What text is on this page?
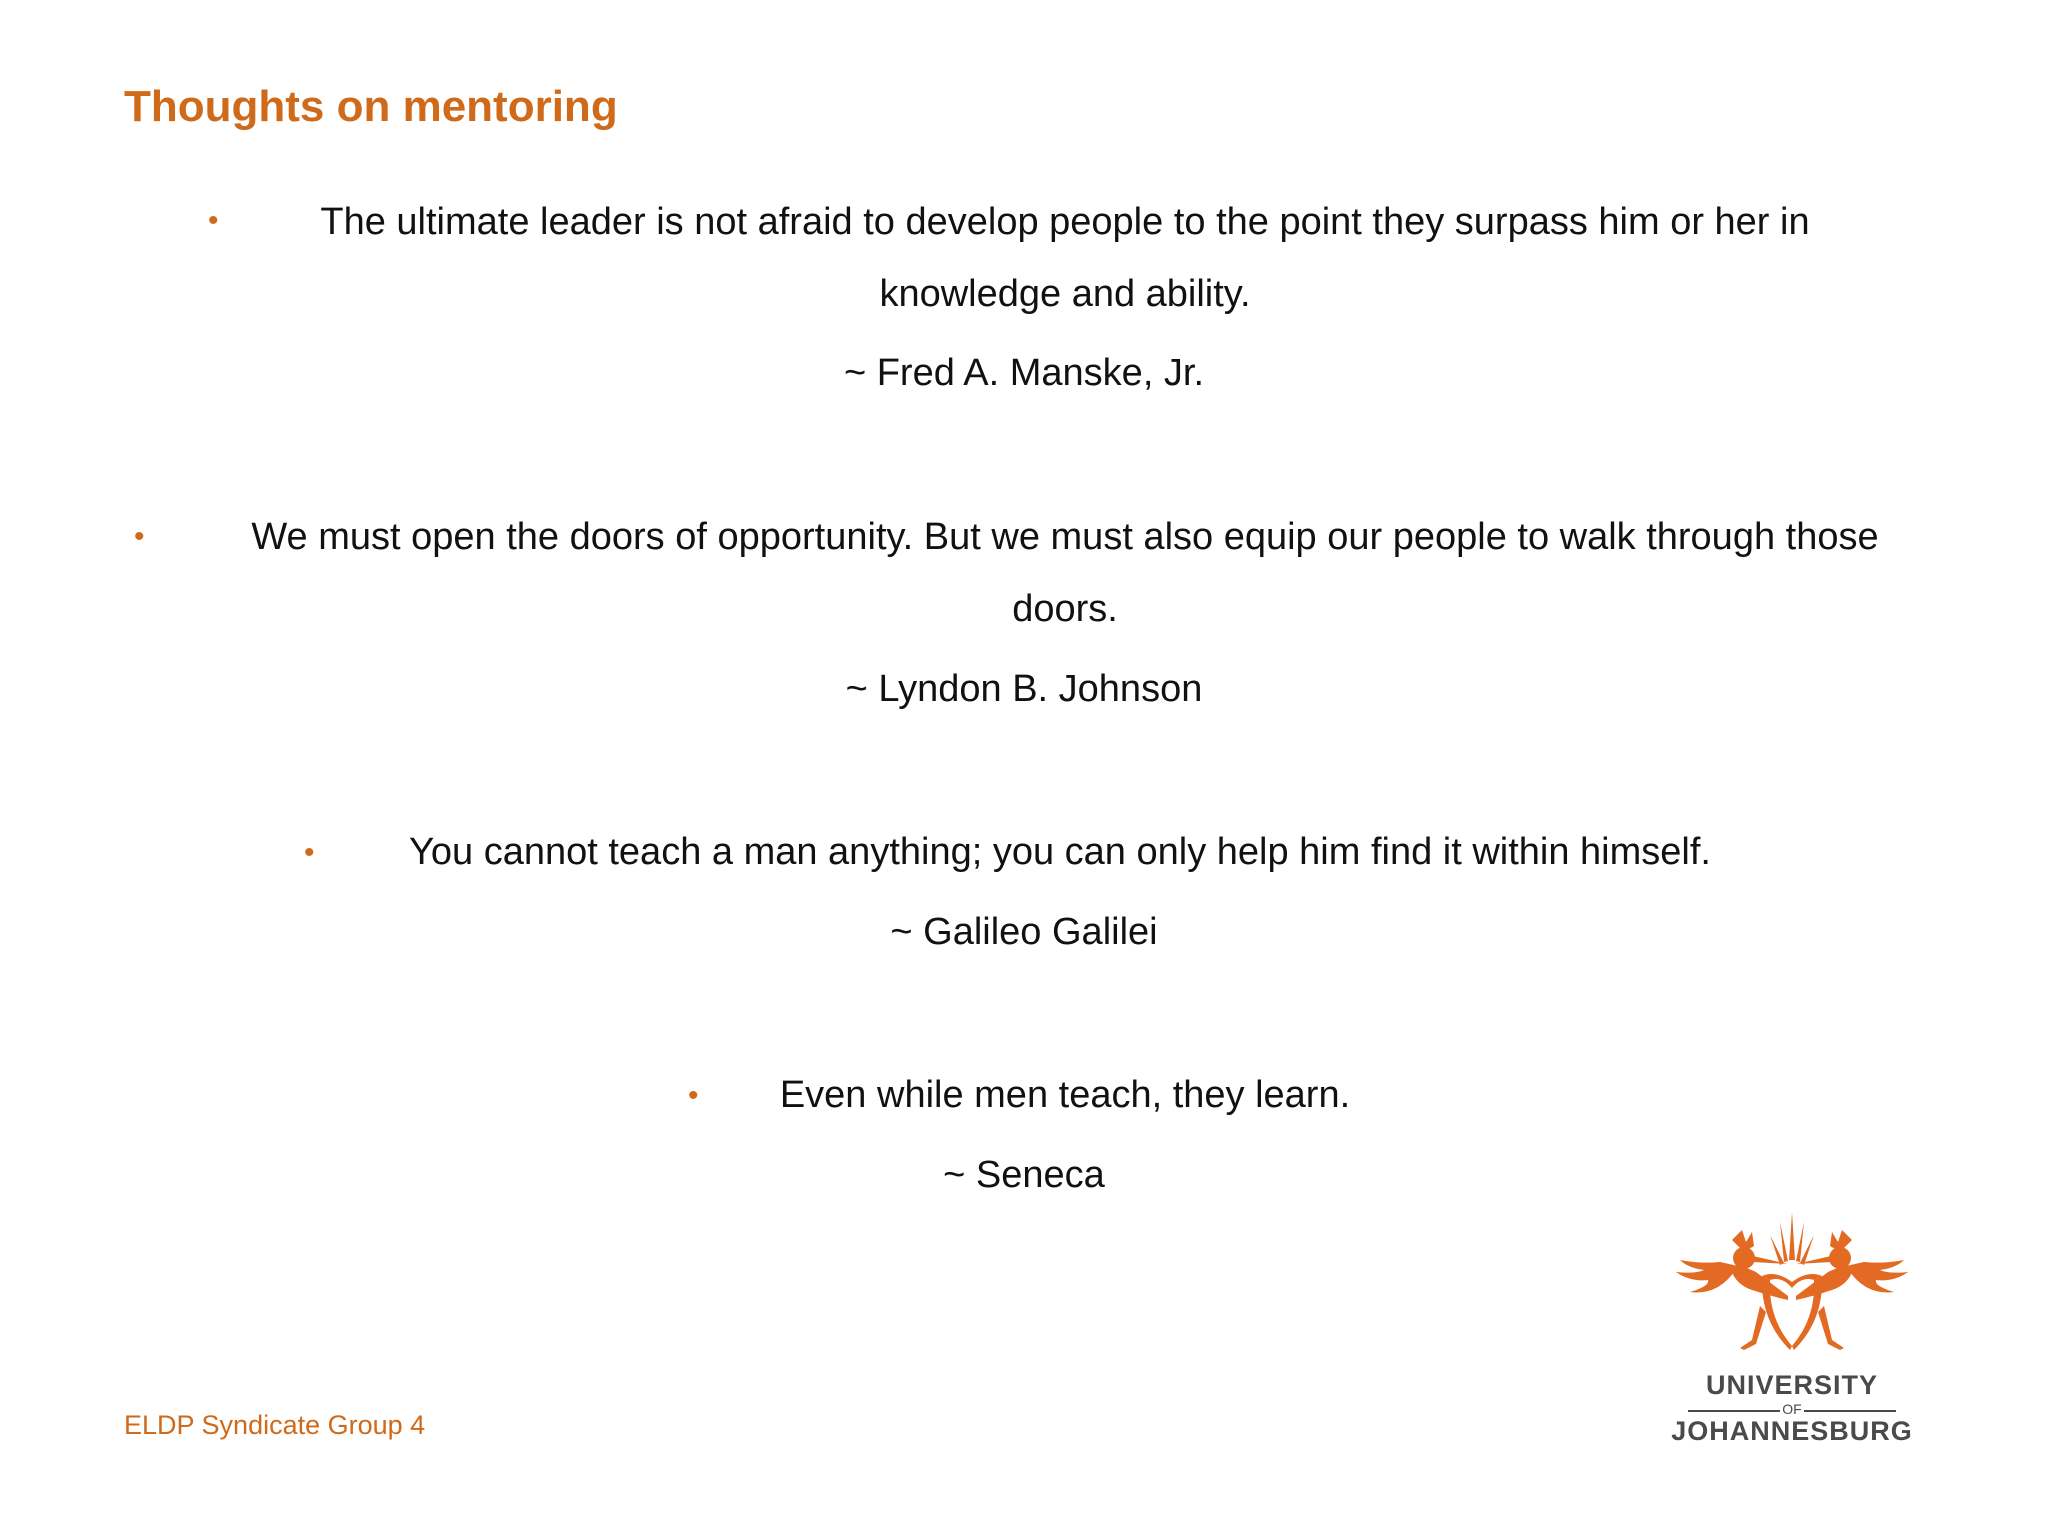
Thoughts on mentoring
•	The ultimate leader is not afraid to develop people to the point they surpass him or her in knowledge and ability.

~ Fred A. Manske, Jr.

•	We must open the doors of opportunity. But we must also equip our people to walk through those doors.

~ Lyndon B. Johnson

•	You cannot teach a man anything; you can only help him find it within himself.

~ Galileo Galilei

•	Even while men teach, they learn.

~ Seneca

ELDP Syndicate Group 4
UNIVERSITY
OF
JOHANNESBURG
